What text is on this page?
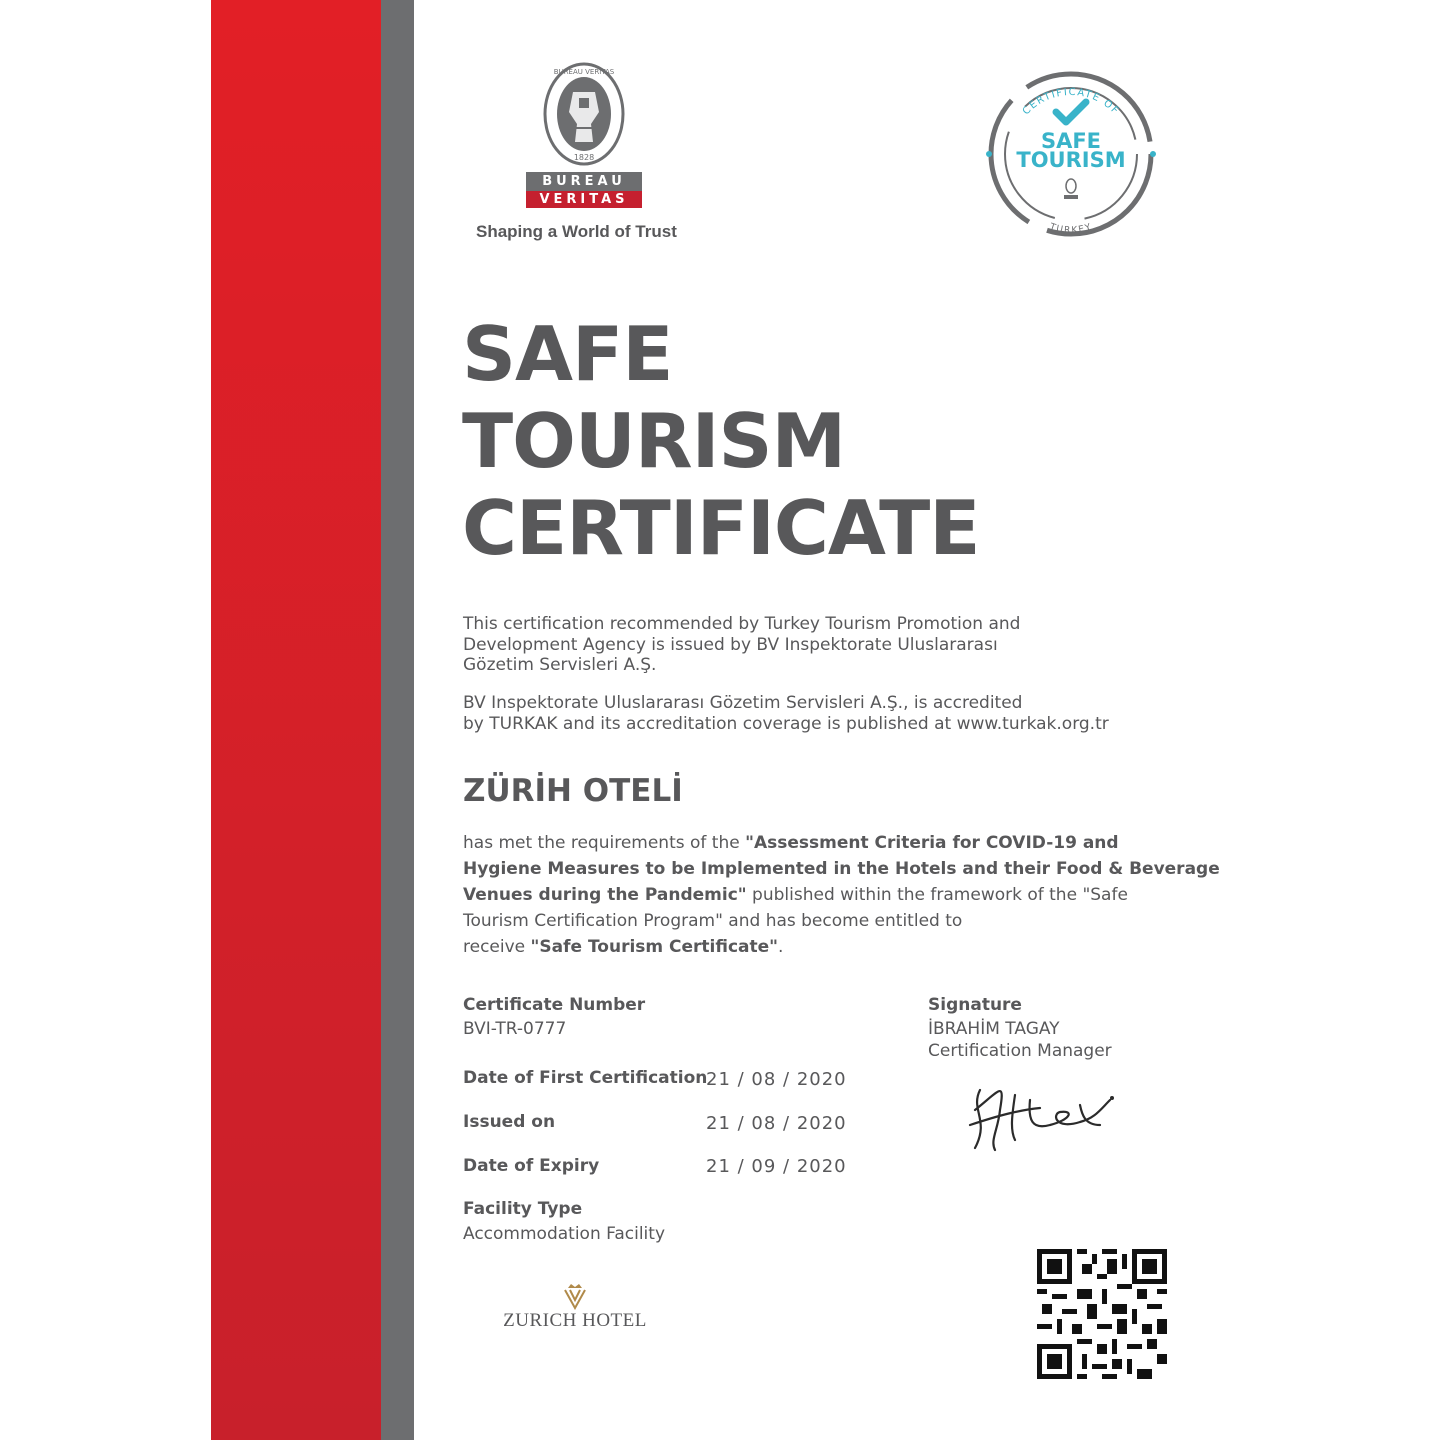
BUREAU VERITAS
1828
BUREAU
VERITAS
Shaping a World of Trust
CERTIFICATE OF
SAFE
TOURISM
TURKEY
SAFE
TOURISM
CERTIFICATE
This certification recommended by Turkey Tourism Promotion and
Development Agency is issued by BV Inspektorate Uluslararası
Gözetim Servisleri A.Ş.
BV Inspektorate Uluslararası Gözetim Servisleri A.Ş., is accredited
by TURKAK and its accreditation coverage is published at www.turkak.org.tr
ZÜRİH OTELİ
has met the requirements of the "Assessment Criteria for COVID-19 and
Hygiene Measures to be Implemented in the Hotels and their Food & Beverage
Venues during the Pandemic" published within the framework of the "Safe
Tourism Certification Program" and has become entitled to
receive "Safe Tourism Certificate".
Certificate Number
BVI-TR-0777
Date of First Certification
21 / 08 / 2020
Issued on	21 / 08 / 2020
Date of Expiry	21 / 09 / 2020
Facility Type
Accommodation Facility
Signature
İBRAHİM TAGAY
Certification Manager
ZURICH HOTEL
